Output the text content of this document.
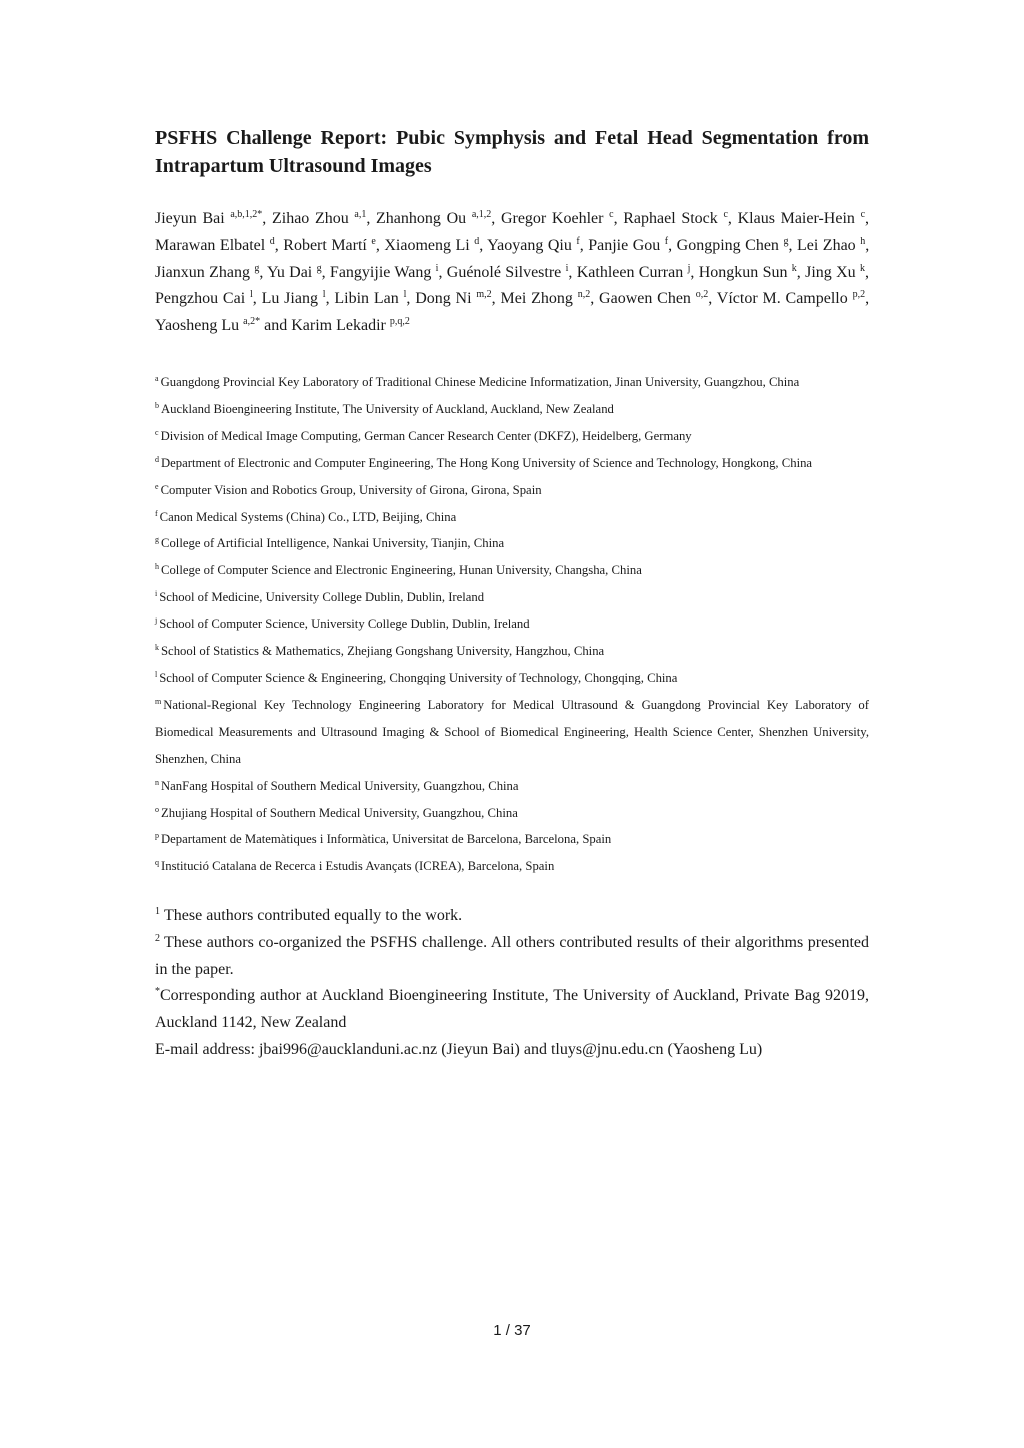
PSFHS Challenge Report: Pubic Symphysis and Fetal Head Segmentation from Intrapartum Ultrasound Images
Jieyun Bai $^{a,b,1,2*}$, Zihao Zhou $^{a,1}$, Zhanhong Ou $^{a,1,2}$, Gregor Koehler $^c$, Raphael Stock $^c$, Klaus Maier-Hein $^c$, Marawan Elbatel $^d$, Robert Martí $^e$, Xiaomeng Li $^d$, Yaoyang Qiu $^f$, Panjie Gou $^f$, Gongping Chen $^g$, Lei Zhao $^h$, Jianxun Zhang $^g$, Yu Dai $^g$, Fangyijie Wang $^i$, Guénolé Silvestre $^i$, Kathleen Curran $^j$, Hongkun Sun $^k$, Jing Xu $^k$, Pengzhou Cai $^l$, Lu Jiang $^l$, Libin Lan $^l$, Dong Ni $^{m,2}$, Mei Zhong $^{n,2}$, Gaowen Chen $^{o,2}$, Víctor M. Campello $^{p,2}$, Yaosheng Lu $^{a,2*}$ and Karim Lekadir $^{p,q,2}$
$^a$ Guangdong Provincial Key Laboratory of Traditional Chinese Medicine Informatization, Jinan University, Guangzhou, China
$^b$ Auckland Bioengineering Institute, The University of Auckland, Auckland, New Zealand
$^c$ Division of Medical Image Computing, German Cancer Research Center (DKFZ), Heidelberg, Germany
$^d$ Department of Electronic and Computer Engineering, The Hong Kong University of Science and Technology, Hongkong, China
$^e$ Computer Vision and Robotics Group, University of Girona, Girona, Spain
$^f$ Canon Medical Systems (China) Co., LTD, Beijing, China
$^g$ College of Artificial Intelligence, Nankai University, Tianjin, China
$^h$ College of Computer Science and Electronic Engineering, Hunan University, Changsha, China
$^i$ School of Medicine, University College Dublin, Dublin, Ireland
$^j$ School of Computer Science, University College Dublin, Dublin, Ireland
$^k$ School of Statistics & Mathematics, Zhejiang Gongshang University, Hangzhou, China
$^l$ School of Computer Science & Engineering, Chongqing University of Technology, Chongqing, China
$^m$ National-Regional Key Technology Engineering Laboratory for Medical Ultrasound & Guangdong Provincial Key Laboratory of Biomedical Measurements and Ultrasound Imaging & School of Biomedical Engineering, Health Science Center, Shenzhen University, Shenzhen, China
$^n$ NanFang Hospital of Southern Medical University, Guangzhou, China
$^o$ Zhujiang Hospital of Southern Medical University, Guangzhou, China
$^p$ Departament de Matemàtiques i Informàtica, Universitat de Barcelona, Barcelona, Spain
$^q$ Institució Catalana de Recerca i Estudis Avançats (ICREA), Barcelona, Spain
$^1$ These authors contributed equally to the work.
$^2$ These authors co-organized the PSFHS challenge. All others contributed results of their algorithms presented in the paper.
*Corresponding author at Auckland Bioengineering Institute, The University of Auckland, Private Bag 92019, Auckland 1142, New Zealand
E-mail address: jbai996@aucklanduni.ac.nz (Jieyun Bai) and tluys@jnu.edu.cn (Yaosheng Lu)
1 / 37
